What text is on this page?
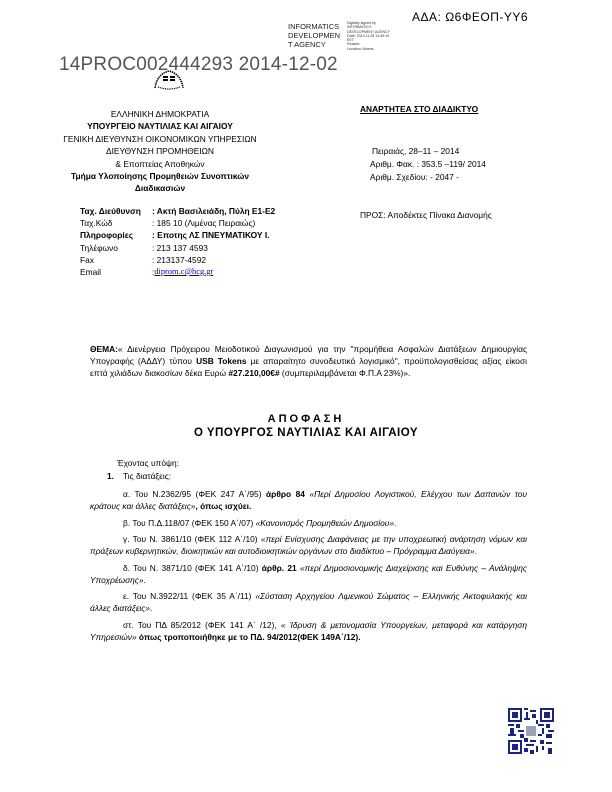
ΑΔΑ: Ω6ΦΕΟΠ-ΥΥ6
INFORMATICS
DEVELOPMEN
T AGENCY
Digitally signed by
INFORMATICS
DEVELOPMENT AGENCY
Date: 2014.11.28 13:49:10
EET
Reason:
Location: Athens
14PROC002444293 2014-12-02
ΕΛΛΗΝΙΚΗ ΔΗΜΟΚΡΑΤΙΑ
ΥΠΟΥΡΓΕΙΟ ΝΑΥΤΙΛΙΑΣ ΚΑΙ ΑΙΓΑΙΟΥ
ΓΕΝΙΚΗ ΔΙΕΥΘΥΝΣΗ ΟΙΚΟΝΟΜΙΚΩΝ ΥΠΗΡΕΣΙΩΝ
ΔΙΕΥΘΥΝΣΗ ΠΡΟΜΗΘΕΙΩΝ
& Εποπτείας Αποθηκών
Τμήμα Υλοποίησης Προμηθειών Συνοπτικών
Διαδικασιών
Ταχ. Διεύθυνση	: Ακτή Βασιλειάδη, Πύλη Ε1-Ε2
Ταχ.Κώδ	: 185 10 (Λιμένας Πειραιώς)
Πληροφορίες	: Εποτης ΛΣ ΠΝΕΥΜΑΤΙΚΟΥ Ι.
Τηλέφωνο	: 213 137 4593
Fax	: 213137-4592
Email	: diprom.c@hcg.gr
ΑΝΑΡΤΗΤΕΑ ΣΤΟ ΔΙΑΔΙΚΤΥΟ
Πειραιάς, 28–11 – 2014
Αριθμ. Φακ. : 353.5 –119/ 2014
Αριθμ. Σχεδίου: - 2047 -
ΠΡΟΣ: Αποδέκτες Πίνακα Διανομής
ΘΕΜΑ:« Διενέργεια Πρόχειρου Μειοδοτικού Διαγωνισμού για την "προμήθεια Ασφαλών Διατάξεων Δημιουργίας Υπογραφής (ΑΔΔΥ) τύπου USB Tokens με απαραίτητο συνοδευτικό λογισμικό", προϋπολογισθείσας αξίας είκοσι επτά χιλιάδων διακοσίων δέκα Ευρώ #27.210,00€# (συμπεριλαμβάνεται Φ.Π.Α 23%)».
ΑΠΟΦΑΣΗ
Ο ΥΠΟΥΡΓΟΣ ΝΑΥΤΙΛΙΑΣ ΚΑΙ ΑΙΓΑΙΟΥ
Έχοντας υπόψη:
1. Τις διατάξεις:
α. Του Ν.2362/95 (ΦΕΚ 247 Α΄/95) άρθρο 84 «Περί Δημοσίου Λογιστικού, Ελέγχου των Δαπανών του κράτους και άλλες διατάξεις», όπως ισχύει.
β. Του Π.Δ.118/07 (ΦΕΚ 150 Α΄/07) «Κανονισμός Προμηθειών Δημοσίου».
γ. Του Ν. 3861/10 (ΦΕΚ 112 Α΄/10) «περί Ενίσχυσης Διαφάνειας με την υποχρεωτική ανάρτηση νόμων και πράξεων κυβερνητικών, διοικητικών και αυτοδιοικητικών οργάνων στο διαδίκτυο – Πρόγραμμα Διαύγεια».
δ. Του Ν. 3871/10 (ΦΕΚ 141 Α΄/10) άρθρ. 21 «περί Δημοσιονομικής Διαχείρισης και Ευθύνης – Ανάληψης Υποχρέωσης».
ε. Του Ν.3922/11 (ΦΕΚ 35 Α΄/11) «Σύσταση Αρχηγείου Λιμενικού Σώματος – Ελληνικής Ακτοφυλακής και άλλες διατάξεις».
στ. Του ΠΔ 85/2012 (ΦΕΚ 141 Α΄ /12), « Ίδρυση & μετονομασία Υπουργείων, μεταφορά και κατάργηση Υπηρεσιών» όπως τροποποιήθηκε με το ΠΔ. 94/2012(ΦΕΚ 149Α΄/12).
